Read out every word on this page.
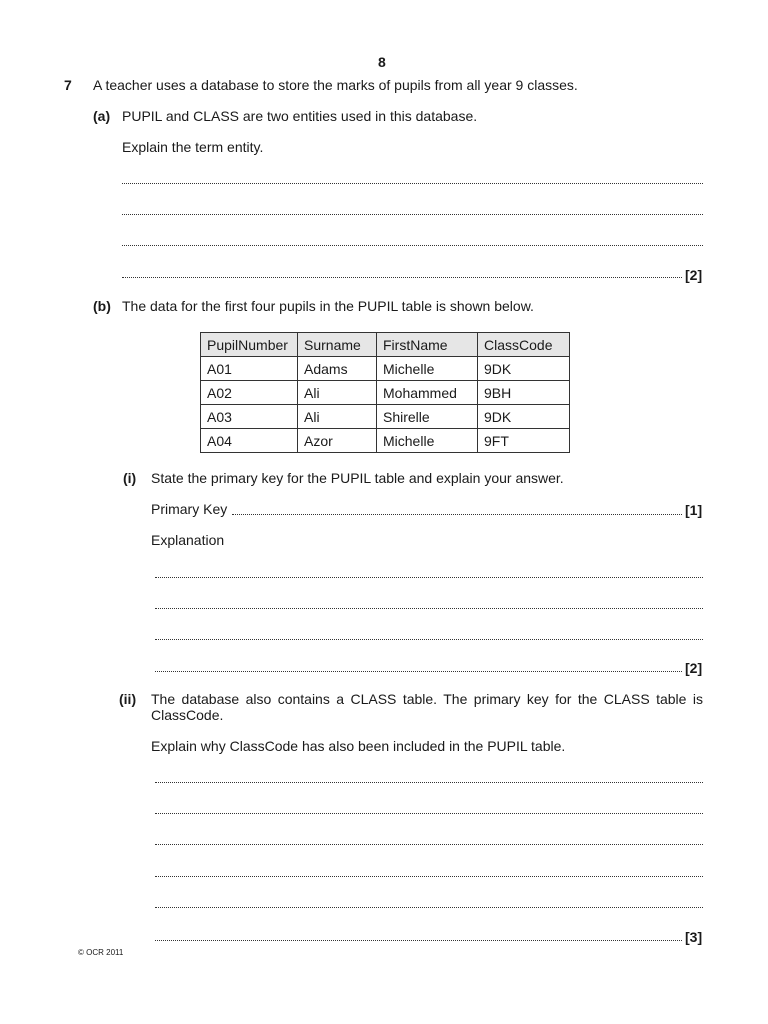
8
7 A teacher uses a database to store the marks of pupils from all year 9 classes.
(a) PUPIL and CLASS are two entities used in this database.
Explain the term entity.
[2]
(b) The data for the first four pupils in the PUPIL table is shown below.
PupilNumber	Surname	FirstName	ClassCode
A01	Adams	Michelle	9DK
A02	Ali	Mohammed	9BH
A03	Ali	Shirelle	9DK
A04	Azor	Michelle	9FT
(i) State the primary key for the PUPIL table and explain your answer.
Primary Key	[1]
Explanation
[2]
(ii) The database also contains a CLASS table. The primary key for the CLASS table is ClassCode.
Explain why ClassCode has also been included in the PUPIL table.
[3]
© OCR 2011
